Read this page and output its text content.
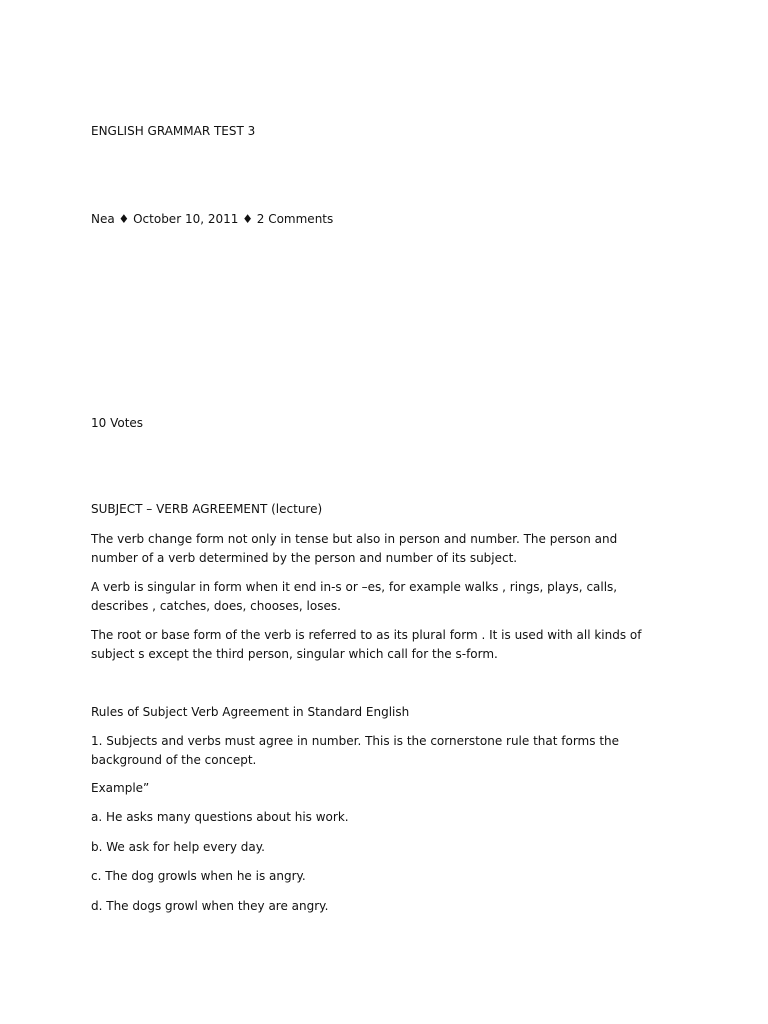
ENGLISH GRAMMAR TEST 3
Nea ♦ October 10, 2011 ♦ 2 Comments
10 Votes
SUBJECT – VERB AGREEMENT (lecture)
The verb change form not only in tense but also in person and number. The person and number of a verb determined by the person and number of its subject.
A verb is singular in form when it end in-s or –es, for example walks , rings, plays, calls, describes , catches, does, chooses, loses.
The root or base form of the verb is referred to as its plural form . It is used with all kinds of subject s except the third person, singular which call for the s-form.
Rules of Subject Verb Agreement in Standard English
1. Subjects and verbs must agree in number. This is the cornerstone rule that forms the background of the concept.
Example”
a. He asks many questions about his work.
b. We ask for help every day.
c. The dog growls when he is angry.
d. The dogs growl when they are angry.
